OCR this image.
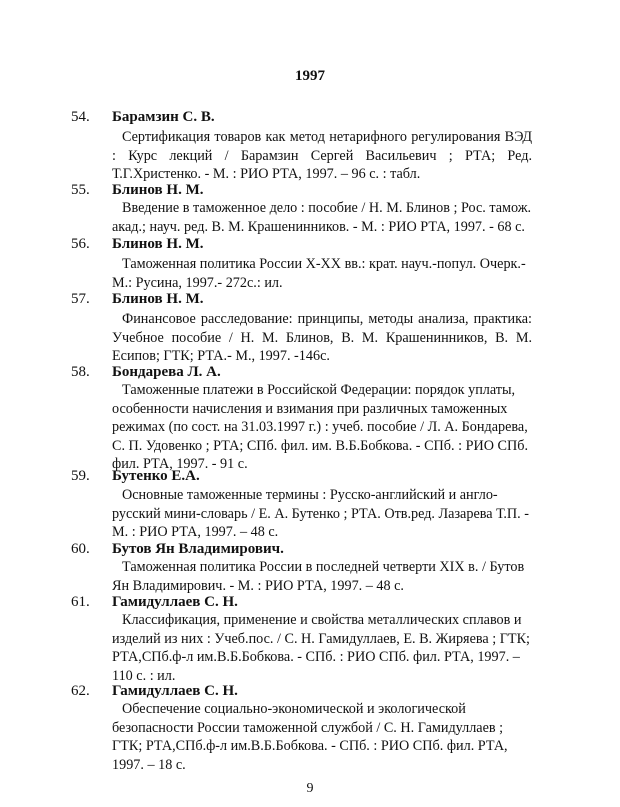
1997
54. Барамзин С. В.
Сертификация товаров как метод нетарифного регулирования ВЭД
: Курс лекций / Барамзин Сергей Васильевич ; РТА; Ред.
Т.Г.Христенко. - М. : РИО РТА, 1997. – 96 с. : табл.
55. Блинов Н. М.
Введение в таможенное дело : пособие / Н. М. Блинов ; Рос. тамож.
акад.; науч. ред. В. М. Крашенинников. - М. : РИО РТА, 1997. - 68 с.
56. Блинов Н. М.
Таможенная политика России X-XX вв.: крат. науч.-попул. Очерк.-
М.: Русина, 1997.- 272с.: ил.
57. Блинов Н. М.
Финансовое расследование: принципы, методы анализа, практика:
Учебное пособие / Н. М. Блинов, В. М. Крашенинников, В. М.
Есипов; ГТК; РТА.- М., 1997. -146с.
58. Бондарева Л. А.
Таможенные платежи в Российской Федерации: порядок уплаты,
особенности начисления и взимания при различных таможенных
режимах (по сост. на 31.03.1997 г.) : учеб. пособие / Л. А. Бондарева,
С. П. Удовенко ; РТА; СПб. фил. им. В.Б.Бобкова. - СПб. : РИО СПб.
фил. РТА, 1997. - 91 с.
59. Бутенко Е.А.
Основные таможенные термины : Русско-английский и англо-
русский мини-словарь / Е. А. Бутенко ; РТА. Отв.ред. Лазарева Т.П. -
М. : РИО РТА, 1997. – 48 с.
60. Бутов Ян Владимирович.
Таможенная политика России в последней четверти XIX в. / Бутов
Ян Владимирович. - М. : РИО РТА, 1997. – 48 с.
61. Гамидуллаев С. Н.
Классификация, применение и свойства металлических сплавов и
изделий из них : Учеб.пос. / С. Н. Гамидуллаев, Е. В. Жиряева ; ГТК;
РТА,СПб.ф-л им.В.Б.Бобкова. - СПб. : РИО СПб. фил. РТА, 1997. –
110 с. : ил.
62. Гамидуллаев С. Н.
Обеспечение социально-экономической и экологической
безопасности России таможенной службой / С. Н. Гамидуллаев ;
ГТК; РТА,СПб.ф-л им.В.Б.Бобкова. - СПб. : РИО СПб. фил. РТА,
1997. – 18 с.
9
